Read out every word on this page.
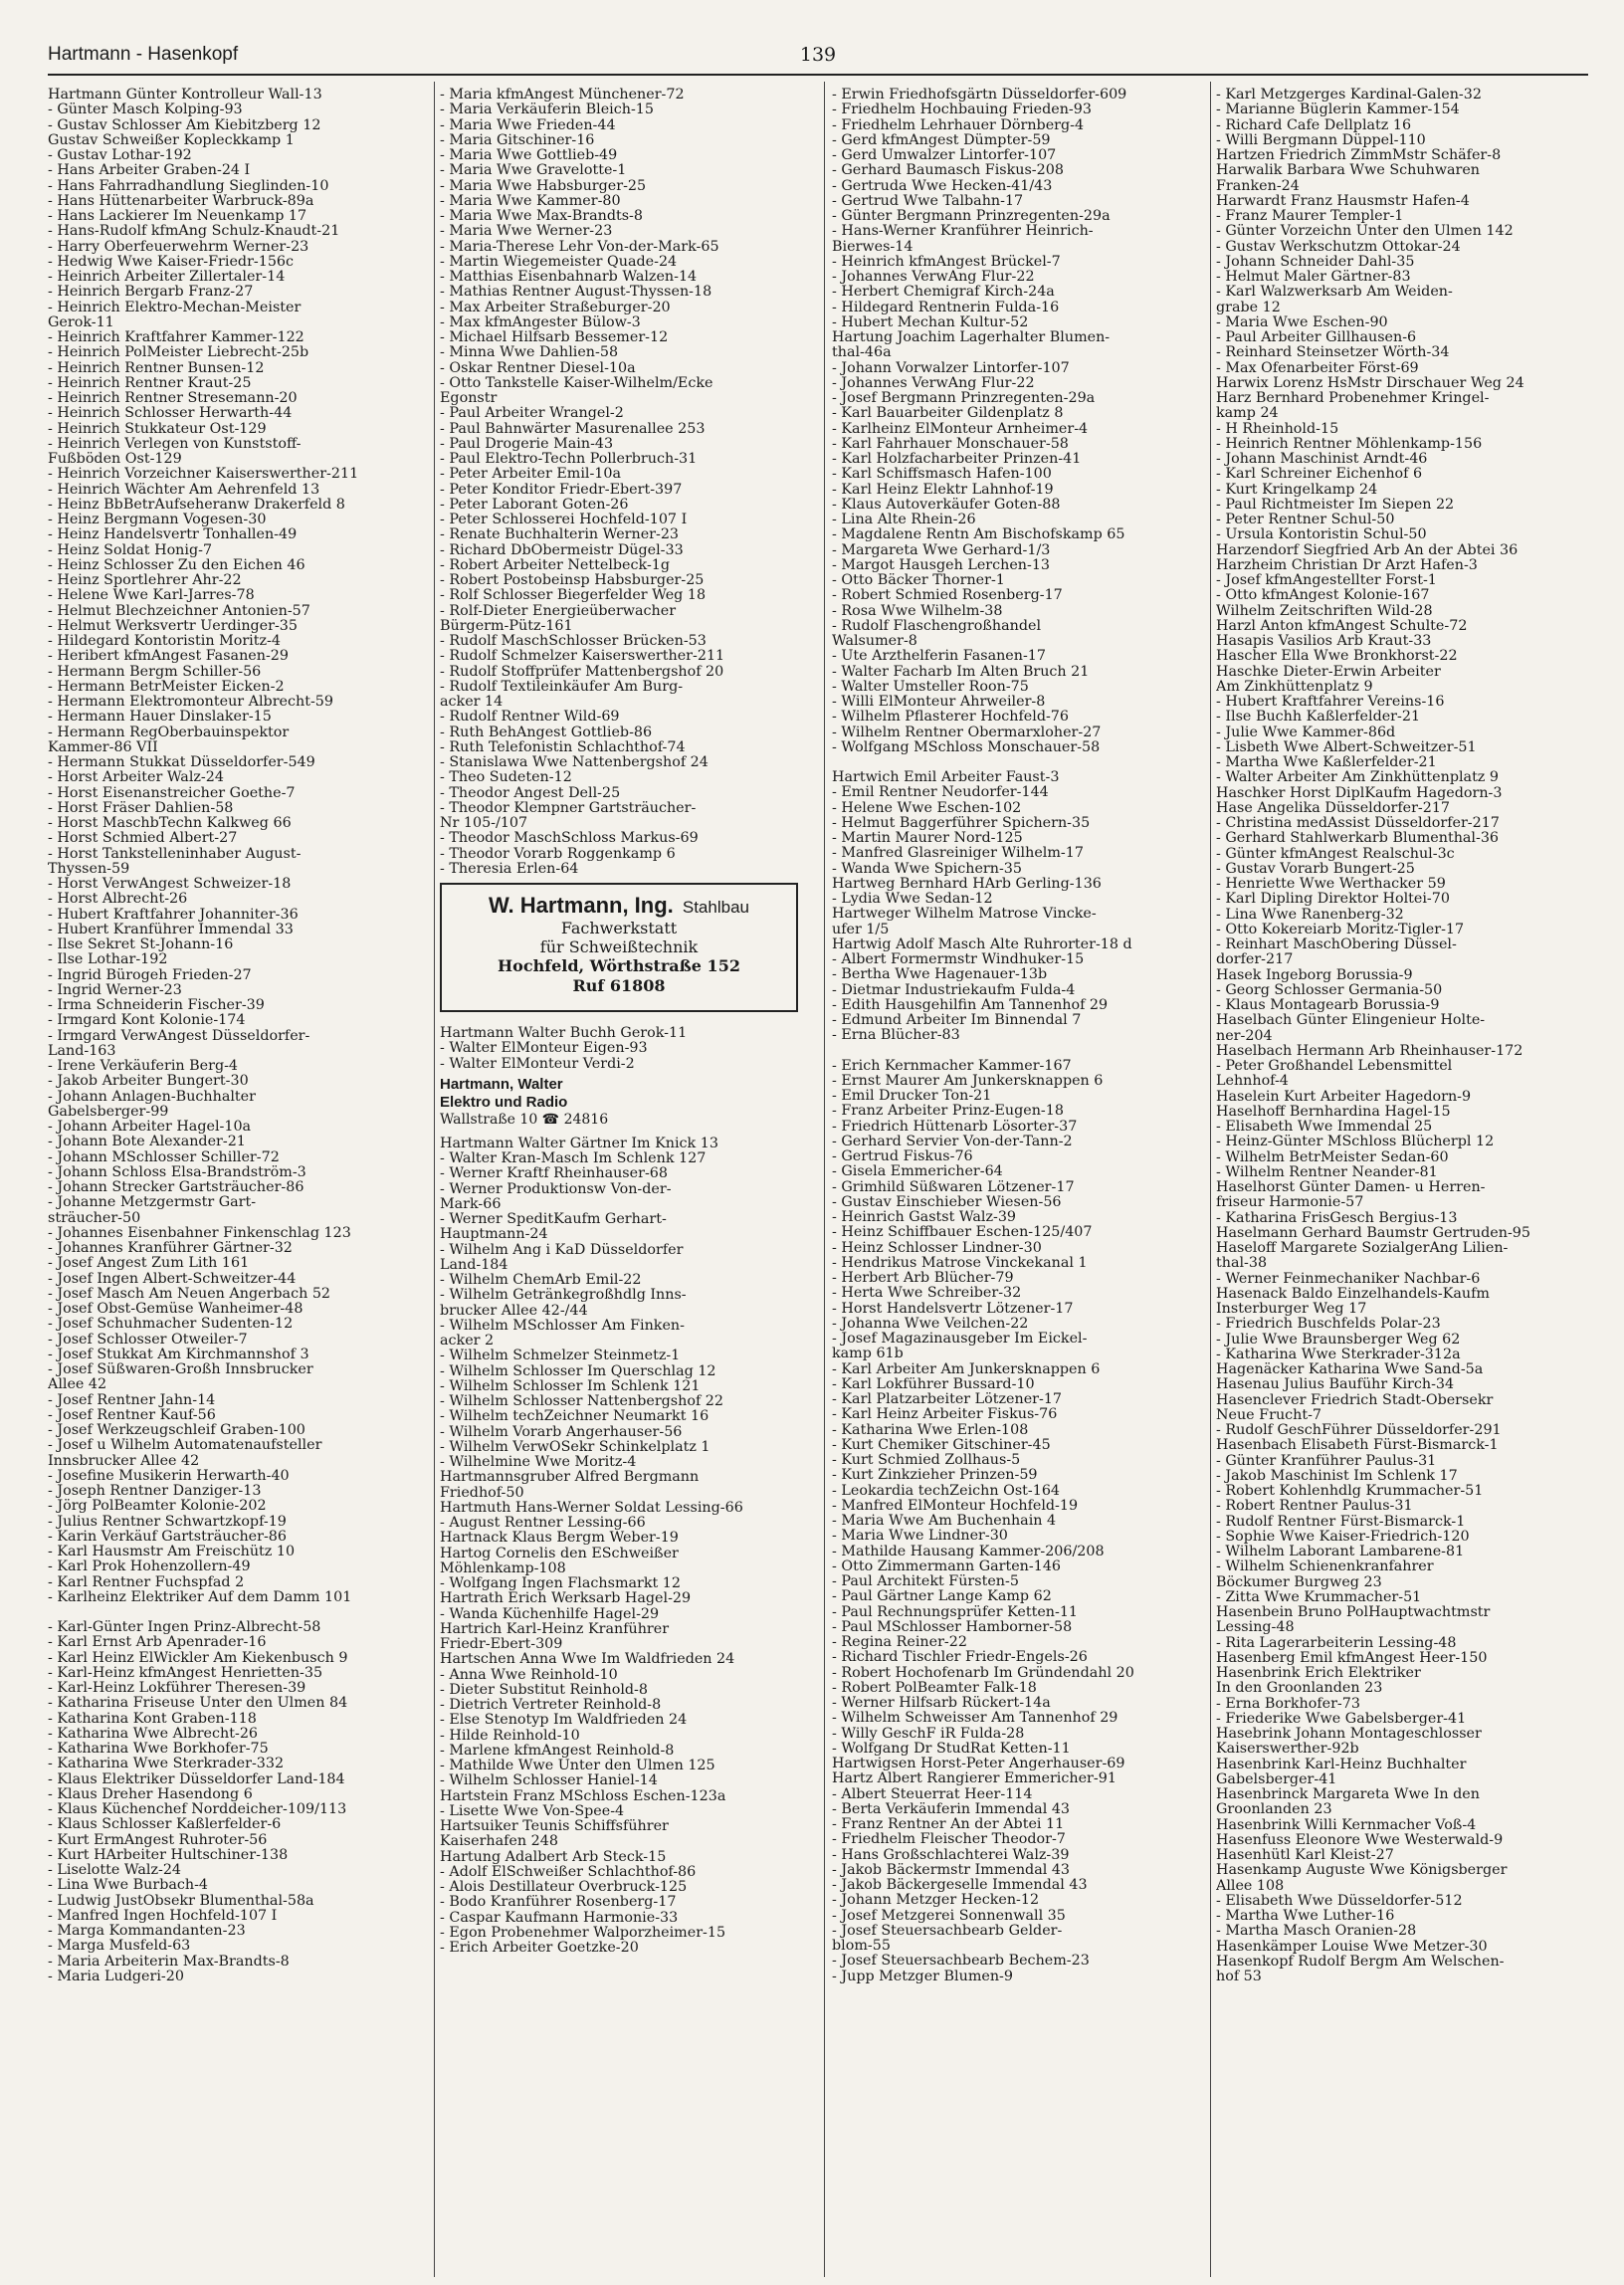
Hartmann - Hasenkopf	139
Hartmann Günter Kontrolleur Wall-13
- Günter Masch Kolping-93
- Gustav Schlosser Am Kiebitzberg 12
Gustav Schweißer Kopleckkamp 1
- Gustav Lothar-192
- Hans Arbeiter Graben-24 I
- Hans Fahrradhandlung Sieglinden-10
- Hans Hüttenarbeiter Warbruck-89a
- Hans Lackierer Im Neuenkamp 17
- Hans-Rudolf kfmAng Schulz-Knaudt-21
- Harry Oberfeuerwehrm Werner-23
- Hedwig Wwe Kaiser-Friedr-156c
- Heinrich Arbeiter Zillertaler-14
- Heinrich Bergarb Franz-27
- Heinrich Elektro-Mechan-Meister
Gerok-11
- Heinrich Kraftfahrer Kammer-122
- Heinrich PolMeister Liebrecht-25b
- Heinrich Rentner Bunsen-12
- Heinrich Rentner Kraut-25
- Heinrich Rentner Stresemann-20
- Heinrich Schlosser Herwarth-44
- Heinrich Stukkateur Ost-129
- Heinrich Verlegen von Kunststoff-
Fußböden Ost-129
- Heinrich Vorzeichner Kaiserswerther-211
- Heinrich Wächter Am Aehrenfeld 13
- Heinz BbBetrAufseheranw Drakerfeld 8
- Heinz Bergmann Vogesen-30
- Heinz Handelsvertr Tonhallen-49
- Heinz Soldat Honig-7
- Heinz Schlosser Zu den Eichen 46
- Heinz Sportlehrer Ahr-22
- Helene Wwe Karl-Jarres-78
- Helmut Blechzeichner Antonien-57
- Helmut Werksvertr Uerdinger-35
- Hildegard Kontoristin Moritz-4
- Heribert kfmAngest Fasanen-29
- Hermann Bergm Schiller-56
- Hermann BetrMeister Eicken-2
- Hermann Elektromonteur Albrecht-59
- Hermann Hauer Dinslaker-15
- Hermann RegOberbauinspektor
Kammer-86 VII
- Hermann Stukkat Düsseldorfer-549
- Horst Arbeiter Walz-24
- Horst Eisenanstreicher Goethe-7
- Horst Fräser Dahlien-58
- Horst MaschbTechn Kalkweg 66
- Horst Schmied Albert-27
- Horst Tankstelleninhaber August-
Thyssen-59
- Horst VerwAngest Schweizer-18
- Horst Albrecht-26
- Hubert Kraftfahrer Johanniter-36
- Hubert Kranführer Immendal 33
- Ilse Sekret St-Johann-16
- Ilse Lothar-192
- Ingrid Bürogeh Frieden-27
- Ingrid Werner-23
- Irma Schneiderin Fischer-39
- Irmgard Kont Kolonie-174
- Irmgard VerwAngest Düsseldorfer-
Land-163
- Irene Verkäuferin Berg-4
- Jakob Arbeiter Bungert-30
- Johann Anlagen-Buchhalter
Gabelsberger-99
- Johann Arbeiter Hagel-10a
- Johann Bote Alexander-21
- Johann MSchlosser Schiller-72
- Johann Schloss Elsa-Brandström-3
- Johann Strecker Gartsträucher-86
- Johanne Metzgermstr Gart-
sträucher-50
- Johannes Eisenbahner Finkenschlag 123
- Johannes Kranführer Gärtner-32
- Josef Angest Zum Lith 161
- Josef Ingen Albert-Schweitzer-44
- Josef Masch Am Neuen Angerbach 52
- Josef Obst-Gemüse Wanheimer-48
- Josef Schuhmacher Sudenten-12
- Josef Schlosser Otweiler-7
- Josef Stukkat Am Kirchmannshof 3
- Josef Süßwaren-Großh Innsbrucker
Allee 42
- Josef Rentner Jahn-14
- Josef Rentner Kauf-56
- Josef Werkzeugschleif Graben-100
- Josef u Wilhelm Automatenaufsteller
Innsbrucker Allee 42
- Josefine Musikerin Herwarth-40
- Joseph Rentner Danziger-13
- Jörg PolBeamter Kolonie-202
- Julius Rentner Schwartzkopf-19
- Karin Verkäuf Gartsträucher-86
- Karl Hausmstr Am Freischütz 10
- Karl Prok Hohenzollern-49
- Karl Rentner Fuchspfad 2
- Karlheinz Elektriker Auf dem Damm 101
- Karl-Günter Ingen Prinz-Albrecht-58
- Karl Ernst Arb Apenrader-16
- Karl Heinz ElWickler Am Kiekenbusch 9
- Karl-Heinz kfmAngest Henrietten-35
- Karl-Heinz Lokführer Theresen-39
- Katharina Friseuse Unter den Ulmen 84
- Katharina Kont Graben-118
- Katharina Wwe Albrecht-26
- Katharina Wwe Borkhofer-75
- Katharina Wwe Sterkrader-332
- Klaus Elektriker Düsseldorfer Land-184
- Klaus Dreher Hasendong 6
- Klaus Küchenchef Norddeicher-109/113
- Klaus Schlosser Kaßlerfelder-6
- Kurt ErmAngest Ruhroter-56
- Kurt HArbeiter Hultschiner-138
- Liselotte Walz-24
- Lina Wwe Burbach-4
- Ludwig JustObsekr Blumenthal-58a
- Manfred Ingen Hochfeld-107 I
- Marga Kommandanten-23
- Marga Musfeld-63
- Maria Arbeiterin Max-Brandts-8
- Maria Ludgeri-20
- Maria kfmAngest Münchener-72
- Maria Verkäuferin Bleich-15
- Maria Wwe Frieden-44
- Maria Gitschiner-16
- Maria Wwe Gottlieb-49
- Maria Wwe Gravelotte-1
- Maria Wwe Habsburger-25
- Maria Wwe Kammer-80
- Maria Wwe Max-Brandts-8
- Maria Wwe Werner-23
- Maria-Therese Lehr Von-der-Mark-65
- Martin Wiegemeister Quade-24
- Matthias Eisenbahnarb Walzen-14
- Mathias Rentner August-Thyssen-18
- Max Arbeiter Straßeburger-20
- Max kfmAngester Bülow-3
- Michael Hilfsarb Bessemer-12
- Minna Wwe Dahlien-58
- Oskar Rentner Diesel-10a
- Otto Tankstelle Kaiser-Wilhelm/Ecke
Egonstr
- Paul Arbeiter Wrangel-2
- Paul Bahnwärter Masurenallee 253
- Paul Drogerie Main-43
- Paul Elektro-Techn Pollerbruch-31
- Peter Arbeiter Emil-10a
- Peter Konditor Friedr-Ebert-397
- Peter Laborant Goten-26
- Peter Schlosserei Hochfeld-107 I
- Renate Buchhalterin Werner-23
- Richard DbObermeistr Dügel-33
- Robert Arbeiter Nettelbeck-1g
- Robert Postobeinsp Habsburger-25
- Rolf Schlosser Biegerfelder Weg 18
- Rolf-Dieter Energieüberwacher
Bürgerm-Pütz-161
- Rudolf MaschSchlosser Brücken-53
- Rudolf Schmelzer Kaiserswerther-211
- Rudolf Stoffprüfer Mattenbergshof 20
- Rudolf Textileinkäufer Am Burg-
acker 14
- Rudolf Rentner Wild-69
- Ruth BehAngest Gottlieb-86
- Ruth Telefonistin Schlachthof-74
- Stanislawa Wwe Nattenbergshof 24
- Theo Sudeten-12
- Theodor Angest Dell-25
- Theodor Klempner Gartsträucher-
Nr 105-/107
- Theodor MaschSchloss Markus-69
- Theodor Vorarb Roggenkamp 6
- Theresia Erlen-64
W. Hartmann, Ing. Stahlbau
Fachwerkstatt
für Schweißtechnik
Hochfeld, Wörthstraße 152
Ruf 61808
Hartmann Walter Buchh Gerok-11
- Walter ElMonteur Eigen-93
- Walter ElMonteur Verdi-2
Hartmann, Walter
Elektro und Radio
Wallstraße 10 ☎ 24816
Hartmann Walter Gärtner Im Knick 13
- Walter Kran-Masch Im Schlenk 127
- Werner Kraftf Rheinhauser-68
- Werner Produktionsw Von-der-
Mark-66
- Werner SpeditKaufm Gerhart-
Hauptmann-24
- Wilhelm Ang i KaD Düsseldorfer
Land-184
- Wilhelm ChemArb Emil-22
- Wilhelm Getränkegroßhdlg Inns-
brucker Allee 42-/44
- Wilhelm MSchlosser Am Finken-
acker 2
- Wilhelm Schmelzer Steinmetz-1
- Wilhelm Schlosser Im Querschlag 12
- Wilhelm Schlosser Im Schlenk 121
- Wilhelm Schlosser Nattenbergshof 22
- Wilhelm techZeichner Neumarkt 16
- Wilhelm Vorarb Angerhauser-56
- Wilhelm VerwOSekr Schinkelplatz 1
- Wilhelmine Wwe Moritz-4
Hartmannsgruber Alfred Bergmann
Friedhof-50
Hartmuth Hans-Werner Soldat Lessing-66
- August Rentner Lessing-66
Hartnack Klaus Bergm Weber-19
Hartog Cornelis den ESchweißer
Möhlenkamp-108
- Wolfgang Ingen Flachsmarkt 12
Hartrath Erich Werksarb Hagel-29
- Wanda Küchenhilfe Hagel-29
Hartrich Karl-Heinz Kranführer
Friedr-Ebert-309
Hartschen Anna Wwe Im Waldfrieden 24
- Anna Wwe Reinhold-10
- Dieter Substitut Reinhold-8
- Dietrich Vertreter Reinhold-8
- Else Stenotyp Im Waldfrieden 24
- Hilde Reinhold-10
- Marlene kfmAngest Reinhold-8
- Mathilde Wwe Unter den Ulmen 125
- Wilhelm Schlosser Haniel-14
Hartstein Franz MSchloss Eschen-123a
- Lisette Wwe Von-Spee-4
Hartsuiker Teunis Schiffsführer
Kaiserhafen 248
Hartung Adalbert Arb Steck-15
- Adolf ElSchweißer Schlachthof-86
- Alois Destillateur Overbruck-125
- Bodo Kranführer Rosenberg-17
- Caspar Kaufmann Harmonie-33
- Egon Probenehmer Walporzheimer-15
- Erich Arbeiter Goetzke-20
- Erwin Friedhofsgärtn Düsseldorfer-609
- Friedhelm Hochbauing Frieden-93
- Friedhelm Lehrhauer Dörnberg-4
- Gerd kfmAngest Dümpter-59
- Gerd Umwalzer Lintorfer-107
- Gerhard Baumasch Fiskus-208
- Gertruda Wwe Hecken-41/43
- Gertrud Wwe Talbahn-17
- Günter Bergmann Prinzregenten-29a
- Hans-Werner Kranführer Heinrich-
Bierwes-14
- Heinrich kfmAngest Brückel-7
- Johannes VerwAng Flur-22
- Herbert Chemigraf Kirch-24a
- Hildegard Rentnerin Fulda-16
- Hubert Mechan Kultur-52
Hartung Joachim Lagerhalter Blumen-
thal-46a
- Johann Vorwalzer Lintorfer-107
- Johannes VerwAng Flur-22
- Josef Bergmann Prinzregenten-29a
- Karl Bauarbeiter Gildenplatz 8
- Karlheinz ElMonteur Arnheimer-4
- Karl Fahrhauer Monschauer-58
- Karl Holzfacharbeiter Prinzen-41
- Karl Schiffsmasch Hafen-100
- Karl Heinz Elektr Lahnhof-19
- Klaus Autoverkäufer Goten-88
- Lina Alte Rhein-26
- Magdalene Rentn Am Bischofskamp 65
- Margareta Wwe Gerhard-1/3
- Margot Hausgeh Lerchen-13
- Otto Bäcker Thorner-1
- Robert Schmied Rosenberg-17
- Rosa Wwe Wilhelm-38
- Rudolf Flaschengroßhandel
Walsumer-8
- Ute Arzthelferin Fasanen-17
- Walter Facharb Im Alten Bruch 21
- Walter Umsteller Roon-75
- Willi ElMonteur Ahrweiler-8
- Wilhelm Pflasterer Hochfeld-76
- Wilhelm Rentner Obermarxloher-27
- Wolfgang MSchloss Monschauer-58
Hartwich Emil Arbeiter Faust-3
- Emil Rentner Neudorfer-144
- Helene Wwe Eschen-102
- Helmut Baggerführer Spichern-35
- Martin Maurer Nord-125
- Manfred Glasreiniger Wilhelm-17
- Wanda Wwe Spichern-35
Hartweg Bernhard HArb Gerling-136
- Lydia Wwe Sedan-12
Hartweger Wilhelm Matrose Vincke-
ufer 1/5
Hartwig Adolf Masch Alte Ruhrorter-18 d
- Albert Formermstr Windhuker-15
- Bertha Wwe Hagenauer-13b
- Dietmar Industriekaufm Fulda-4
- Edith Hausgehilfin Am Tannenhof 29
- Edmund Arbeiter Im Binnendal 7
- Erna Blücher-83
- Erich Kernmacher Kammer-167
- Ernst Maurer Am Junkersknappen 6
- Emil Drucker Ton-21
- Franz Arbeiter Prinz-Eugen-18
- Friedrich Hüttenarb Lösorter-37
- Gerhard Servier Von-der-Tann-2
- Gertrud Fiskus-76
- Gisela Emmericher-64
- Grimhild Süßwaren Lötzener-17
- Gustav Einschieber Wiesen-56
- Heinrich Gastst Walz-39
- Heinz Schiffbauer Eschen-125/407
- Heinz Schlosser Lindner-30
- Hendrikus Matrose Vinckekanal 1
- Herbert Arb Blücher-79
- Herta Wwe Schreiber-32
- Horst Handelsvertr Lötzener-17
- Johanna Wwe Veilchen-22
- Josef Magazinausgeber Im Eickel-
kamp 61b
- Karl Arbeiter Am Junkersknappen 6
- Karl Lokführer Bussard-10
- Karl Platzarbeiter Lötzener-17
- Karl Heinz Arbeiter Fiskus-76
- Katharina Wwe Erlen-108
- Kurt Chemiker Gitschiner-45
- Kurt Schmied Zollhaus-5
- Kurt Zinkzieher Prinzen-59
- Leokardia techZeichn Ost-164
- Manfred ElMonteur Hochfeld-19
- Maria Wwe Am Buchenhain 4
- Maria Wwe Lindner-30
- Mathilde Hausang Kammer-206/208
- Otto Zimmermann Garten-146
- Paul Architekt Fürsten-5
- Paul Gärtner Lange Kamp 62
- Paul Rechnungsprüfer Ketten-11
- Paul MSchlosser Hamborner-58
- Regina Reiner-22
- Richard Tischler Friedr-Engels-26
- Robert Hochofenarb Im Gründendahl 20
- Robert PolBeamter Falk-18
- Werner Hilfsarb Rückert-14a
- Wilhelm Schweisser Am Tannenhof 29
- Willy GeschF iR Fulda-28
- Wolfgang Dr StudRat Ketten-11
Hartwigsen Horst-Peter Angerhauser-69
Hartz Albert Rangierer Emmericher-91
- Albert Steuerrat Heer-114
- Berta Verkäuferin Immendal 43
- Franz Rentner An der Abtei 11
- Friedhelm Fleischer Theodor-7
- Hans Großschlachterei Walz-39
- Jakob Bäckermstr Immendal 43
- Jakob Bäckergeselle Immendal 43
- Johann Metzger Hecken-12
- Josef Metzgerei Sonnenwall 35
- Josef Steuersachbearb Gelder-
blom-55
- Josef Steuersachbearb Bechem-23
- Jupp Metzger Blumen-9
- Karl Metzgerges Kardinal-Galen-32
- Marianne Büglerin Kammer-154
- Richard Cafe Dellplatz 16
- Willi Bergmann Düppel-110
Hartzen Friedrich ZimmMstr Schäfer-8
Harwalik Barbara Wwe Schuhwaren
Franken-24
Harwardt Franz Hausmstr Hafen-4
- Franz Maurer Templer-1
- Günter Vorzeichn Unter den Ulmen 142
- Gustav Werkschutzm Ottokar-24
- Johann Schneider Dahl-35
- Helmut Maler Gärtner-83
- Karl Walzwerksarb Am Weiden-
grabe 12
- Maria Wwe Eschen-90
- Paul Arbeiter Gillhausen-6
- Reinhard Steinsetzer Wörth-34
- Max Ofenarbeiter Först-69
Harwix Lorenz HsMstr Dirschauer Weg 24
Harz Bernhard Probenehmer Kringel-
kamp 24
- H Rheinhold-15
- Heinrich Rentner Möhlenkamp-156
- Johann Maschinist Arndt-46
- Karl Schreiner Eichenhof 6
- Kurt Kringelkamp 24
- Paul Richtmeister Im Siepen 22
- Peter Rentner Schul-50
- Ursula Kontoristin Schul-50
Harzendorf Siegfried Arb An der Abtei 36
Harzheim Christian Dr Arzt Hafen-3
- Josef kfmAngestellter Forst-1
- Otto kfmAngest Kolonie-167
Wilhelm Zeitschriften Wild-28
Harzl Anton kfmAngest Schulte-72
Hasapis Vasilios Arb Kraut-33
Hascher Ella Wwe Bronkhorst-22
Haschke Dieter-Erwin Arbeiter
Am Zinkhüttenplatz 9
- Hubert Kraftfahrer Vereins-16
- Ilse Buchh Kaßlerfelder-21
- Julie Wwe Kammer-86d
- Lisbeth Wwe Albert-Schweitzer-51
- Martha Wwe Kaßlerfelder-21
- Walter Arbeiter Am Zinkhüttenplatz 9
Haschker Horst DiplKaufm Hagedorn-3
Hase Angelika Düsseldorfer-217
- Christina medAssist Düsseldorfer-217
- Gerhard Stahlwerkarb Blumenthal-36
- Günter kfmAngest Realschul-3c
- Gustav Vorarb Bungert-25
- Henriette Wwe Werthacker 59
- Karl Dipling Direktor Holtei-70
- Lina Wwe Ranenberg-32
- Otto Kokereiarb Moritz-Tigler-17
- Reinhart MaschObering Düssel-
dorfer-217
Hasek Ingeborg Borussia-9
- Georg Schlosser Germania-50
- Klaus Montagearb Borussia-9
Haselbach Günter Elingenieur Holte-
ner-204
Haselbach Hermann Arb Rheinhauser-172
- Peter Großhandel Lebensmittel
Lehnhof-4
Haselein Kurt Arbeiter Hagedorn-9
Haselhoff Bernhardina Hagel-15
- Elisabeth Wwe Immendal 25
- Heinz-Günter MSchloss Blücherpl 12
- Wilhelm BetrMeister Sedan-60
- Wilhelm Rentner Neander-81
Haselhorst Günter Damen- u Herren-
friseur Harmonie-57
- Katharina FrisGesch Bergius-13
Haselmann Gerhard Baumstr Gertruden-95
Haseloff Margarete SozialgerAng Lilien-
thal-38
- Werner Feinmechaniker Nachbar-6
Hasenack Baldo Einzelhandels-Kaufm
Insterburger Weg 17
- Friedrich Buschfelds Polar-23
- Julie Wwe Braunsberger Weg 62
- Katharina Wwe Sterkrader-312a
Hagenäcker Katharina Wwe Sand-5a
Hasenau Julius Bauführ Kirch-34
Hasenclever Friedrich Stadt-Obersekr
Neue Frucht-7
- Rudolf GeschFührer Düsseldorfer-291
Hasenbach Elisabeth Fürst-Bismarck-1
- Günter Kranführer Paulus-31
- Jakob Maschinist Im Schlenk 17
- Robert Kohlenhdlg Krummacher-51
- Robert Rentner Paulus-31
- Rudolf Rentner Fürst-Bismarck-1
- Sophie Wwe Kaiser-Friedrich-120
- Wilhelm Laborant Lambarene-81
- Wilhelm Schienenkranfahrer
Böckumer Burgweg 23
- Zitta Wwe Krummacher-51
Hasenbein Bruno PolHauptwachtmstr
Lessing-48
- Rita Lagerarbeiterin Lessing-48
Hasenberg Emil kfmAngest Heer-150
Hasenbrink Erich Elektriker
In den Groonlanden 23
- Erna Borkhofer-73
- Friederike Wwe Gabelsberger-41
Hasebrink Johann Montageschlosser
Kaiserswerther-92b
Hasenbrink Karl-Heinz Buchhalter
Gabelsberger-41
Hasenbrinck Margareta Wwe In den
Groonlanden 23
Hasenbrink Willi Kernmacher Voß-4
Hasenfuss Eleonore Wwe Westerwald-9
Hasenhütl Karl Kleist-27
Hasenkamp Auguste Wwe Königsberger
Allee 108
- Elisabeth Wwe Düsseldorfer-512
- Martha Wwe Luther-16
- Martha Masch Oranien-28
Hasenkämper Louise Wwe Metzer-30
Hasenkopf Rudolf Bergm Am Welschen-
hof 53
